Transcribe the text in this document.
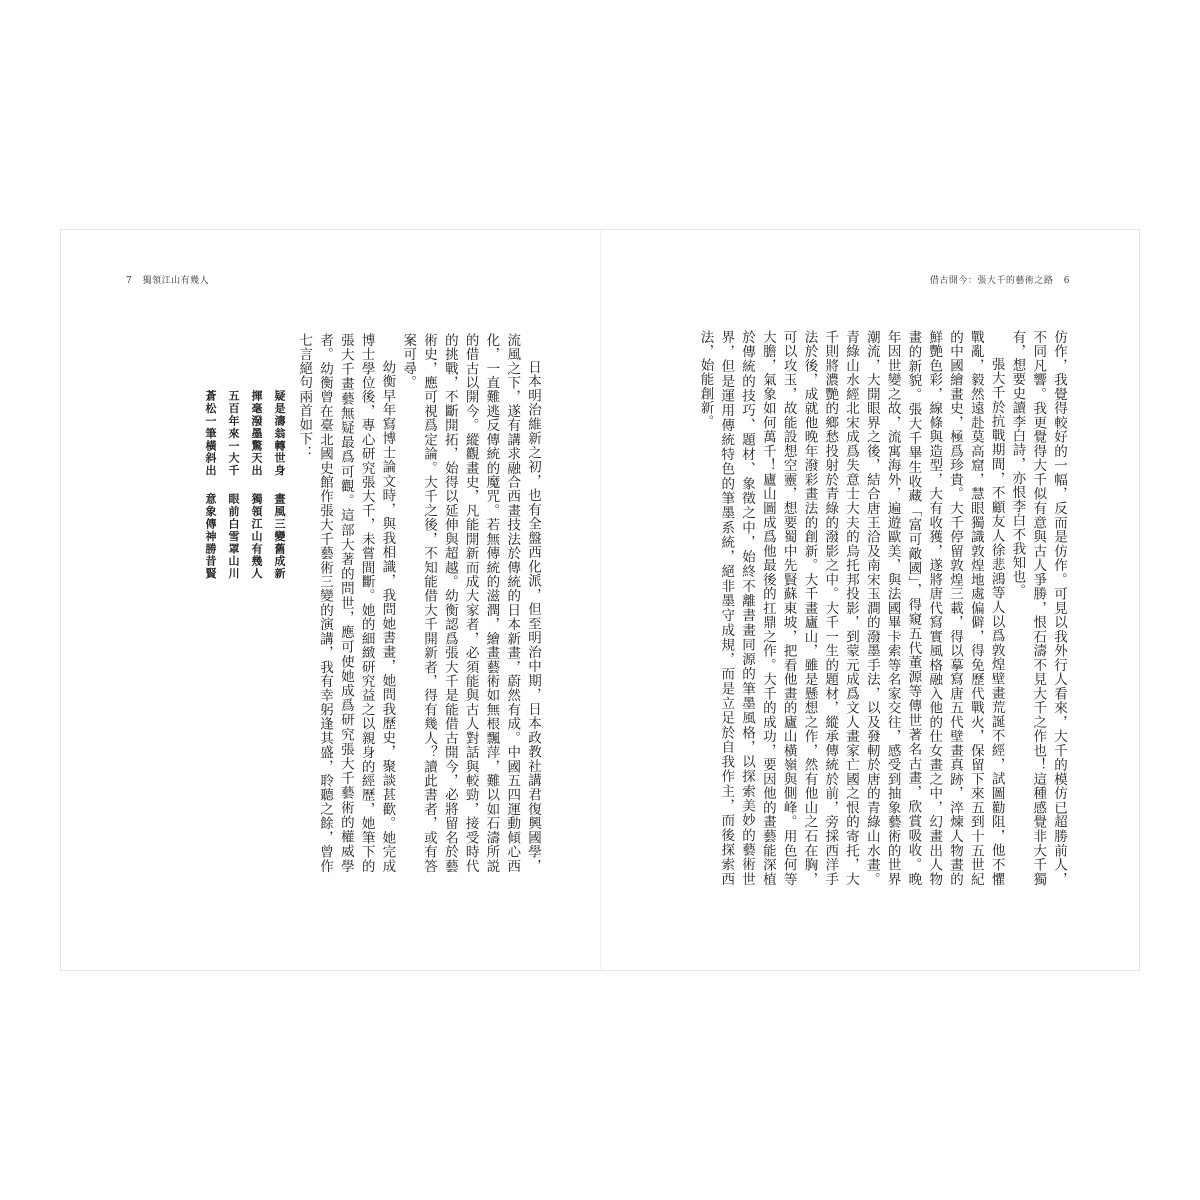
7 獨領江山有幾人

日本明治維新之初，也有全盤西化派，但至明治中期，日本政教社講君復興國學，流風之下，遂有講求融合西畫技法於傳統的日本新畫，蔚然有成。中國五四運動傾心西化，一直難逃反傳統的魔咒。若無傳統的滋潤，繪畫藝術如無根飄萍，難以如石濤所説的借古以開今。縱觀畫史，凡能開新而成大家者，必須能與古人對話與較勁，接受時代的挑戰，不斷開拓，始得以延伸與超越。幼衡認爲張大千是能借古開今，必將留名於藝術史，應可視爲定論。大千之後，不知能借大千開新者，得有幾人？讀此書者，或有答案可尋。

幼衡早年寫博士論文時，與我相識，我問她書畫，她問我歷史，聚談甚歡。她完成博士學位後，專心研究張大千，未嘗間斷。她的細緻研究益之以親身的經歷，她筆下的張大千畫藝無疑最爲可觀。這部大著的問世，應可使她成爲研究張大千藝術的權威學者。幼衡曾在臺北國史館作張大千藝術三變的演講，我有幸躬逢其盛，聆聽之餘，曾作七言絕句兩首如下：

疑是濤翁轉世身畫風三變舊成新
揮毫潑墨驚天出獨領江山有幾人
五百年來一大千眼前白雪罩山川
蒼松一筆橫斜出意象傳神勝昔賢
借古開今：張大千的藝術之路 6

仿作，我覺得較好的一幅，反而是仿作。可見以我外行人看來，大千的模仿已超勝前人，不同凡響。我更覺得大千似有意與古人爭勝，恨石濤不見大千之作也！這種感覺非大千獨有，想要史讀李白詩，亦恨李白不我知也。

張大千於抗戰期間，不顧友人徐悲鴻等人以爲敦煌壁畫荒誕不經，試圖勸阻，他不懼戰亂，毅然遠赴莫高窟，慧眼獨識敦煌地處偏僻，得免歷代戰火，保留下來五到十五世紀的中國繪畫史，極爲珍貴。大千停留敦煌三載，得以摹寫唐五代壁畫真跡，淬煉人物畫的鮮艷色彩，線條與造型，大有收獲，遂將唐代寫實風格融入他的仕女畫之中，幻畫出人物畫的新貌。張大千畢生收藏「富可敵國」，得窺五代董源等傳世著名古畫，欣賞吸收。晚年因世變之故，流寓海外，遍遊歐美，與法國畢卡索等名家交往，感受到抽象藝術的世界潮流，大開眼界之後，結合唐王洽及南宋玉澗的潑墨手法，以及發軔於唐的青綠山水畫。青綠山水經北宋成爲失意士大夫的烏托邦投影，到蒙元成爲文人畫家亡國之恨的寄托，大千則將濃艷的鄉愁投射於青綠的潑影之中。大千一生的題材，縱承傳統於前，旁採西洋手法於後，成就他晚年潑彩畫法的創新。大千畫廬山，雖是懸想之作，然有他山之石在胸，可以攻玉，故能設想空靈，想要蜀中先賢蘇東坡，把看他畫的廬山橫嶺與側峰。用色何等大膽，氣象如何萬千！廬山圖成爲他最後的扛鼎之作。大千的成功，要因他的畫藝能深植於傳統的技巧、題材、象徵之中，始終不離書畫同源的筆墨風格，以探索美妙的藝術世界，但是運用傳統特色的筆墨系統，絕非墨守成規，而是立足於自我作主，而後探索西法，始能創新。
